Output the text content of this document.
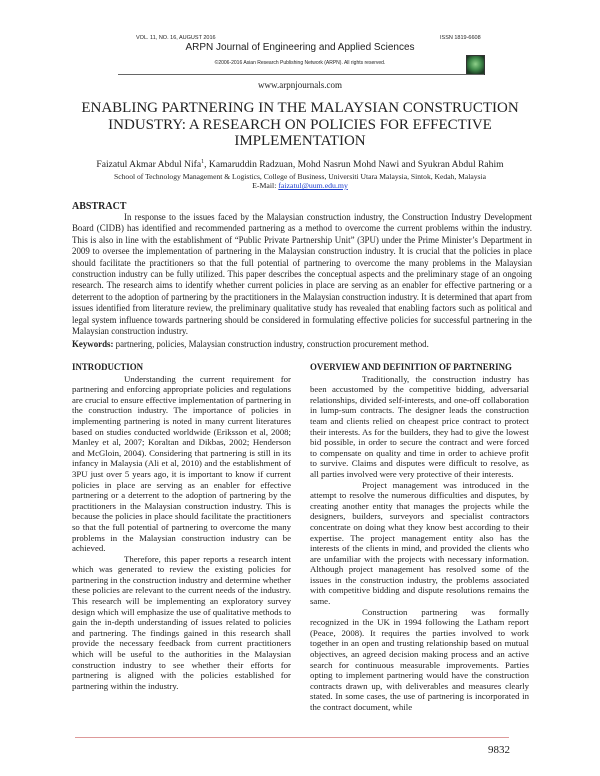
VOL. 11, NO. 16, AUGUST 2016	ISSN 1819-6608
ARPN Journal of Engineering and Applied Sciences
©2006-2016 Asian Research Publishing Network (ARPN). All rights reserved.
www.arpnjournals.com
ENABLING PARTNERING IN THE MALAYSIAN CONSTRUCTION INDUSTRY: A RESEARCH ON POLICIES FOR EFFECTIVE IMPLEMENTATION
Faizatul Akmar Abdul Nifa$^1$, Kamaruddin Radzuan, Mohd Nasrun Mohd Nawi and Syukran Abdul Rahim
School of Technology Management & Logistics, College of Business, Universiti Utara Malaysia, Sintok, Kedah, Malaysia
E-Mail: faizatul@uum.edu.my
ABSTRACT

In response to the issues faced by the Malaysian construction industry, the Construction Industry Development Board (CIDB) has identified and recommended partnering as a method to overcome the current problems within the industry. This is also in line with the establishment of “Public Private Partnership Unit” (3PU) under the Prime Minister’s Department in 2009 to oversee the implementation of partnering in the Malaysian construction industry. It is crucial that the policies in place should facilitate the practitioners so that the full potential of partnering to overcome the many problems in the Malaysian construction industry can be fully utilized. This paper describes the conceptual aspects and the preliminary stage of an ongoing research. The research aims to identify whether current policies in place are serving as an enabler for effective partnering or a deterrent to the adoption of partnering by the practitioners in the Malaysian construction industry. It is determined that apart from issues identified from literature review, the preliminary qualitative study has revealed that enabling factors such as political and legal system influence towards partnering should be considered in formulating effective policies for successful partnering in the Malaysian construction industry.

Keywords: partnering, policies, Malaysian construction industry, construction procurement method.
INTRODUCTION

Understanding the current requirement for partnering and enforcing appropriate policies and regulations are crucial to ensure effective implementation of partnering in the construction industry. The importance of policies in implementing partnering is noted in many current literatures based on studies conducted worldwide (Eriksson et al, 2008; Manley et al, 2007; Koraltan and Dikbas, 2002; Henderson and McGloin, 2004). Considering that partnering is still in its infancy in Malaysia (Ali et al, 2010) and the establishment of 3PU just over 5 years ago, it is important to know if current policies in place are serving as an enabler for effective partnering or a deterrent to the adoption of partnering by the practitioners in the Malaysian construction industry. This is because the policies in place should facilitate the practitioners so that the full potential of partnering to overcome the many problems in the Malaysian construction industry can be achieved.

Therefore, this paper reports a research intent which was generated to review the existing policies for partnering in the construction industry and determine whether these policies are relevant to the current needs of the industry. This research will be implementing an exploratory survey design which will emphasize the use of qualitative methods to gain the in-depth understanding of issues related to policies and partnering. The findings gained in this research shall provide the necessary feedback from current practitioners which will be useful to the authorities in the Malaysian construction industry to see whether their efforts for partnering is aligned with the policies established for partnering within the industry.

OVERVIEW AND DEFINITION OF PARTNERING

Traditionally, the construction industry has been accustomed by the competitive bidding, adversarial relationships, divided self-interests, and one-off collaboration in lump-sum contracts. The designer leads the construction team and clients relied on cheapest price contract to protect their interests. As for the builders, they had to give the lowest bid possible, in order to secure the contract and were forced to compensate on quality and time in order to achieve profit to survive. Claims and disputes were difficult to resolve, as all parties involved were very protective of their interests.

Project management was introduced in the attempt to resolve the numerous difficulties and disputes, by creating another entity that manages the projects while the designers, builders, surveyors and specialist contractors concentrate on doing what they know best according to their expertise. The project management entity also has the interests of the clients in mind, and provided the clients who are unfamiliar with the projects with necessary information. Although project management has resolved some of the issues in the construction industry, the problems associated with competitive bidding and dispute resolutions remains the same.

Construction partnering was formally recognized in the UK in 1994 following the Latham report (Peace, 2008). It requires the parties involved to work together in an open and trusting relationship based on mutual objectives, an agreed decision making process and an active search for continuous measurable improvements. Parties opting to implement partnering would have the construction contracts drawn up, with deliverables and measures clearly stated. In some cases, the use of partnering is incorporated in the contract document, while

9832
